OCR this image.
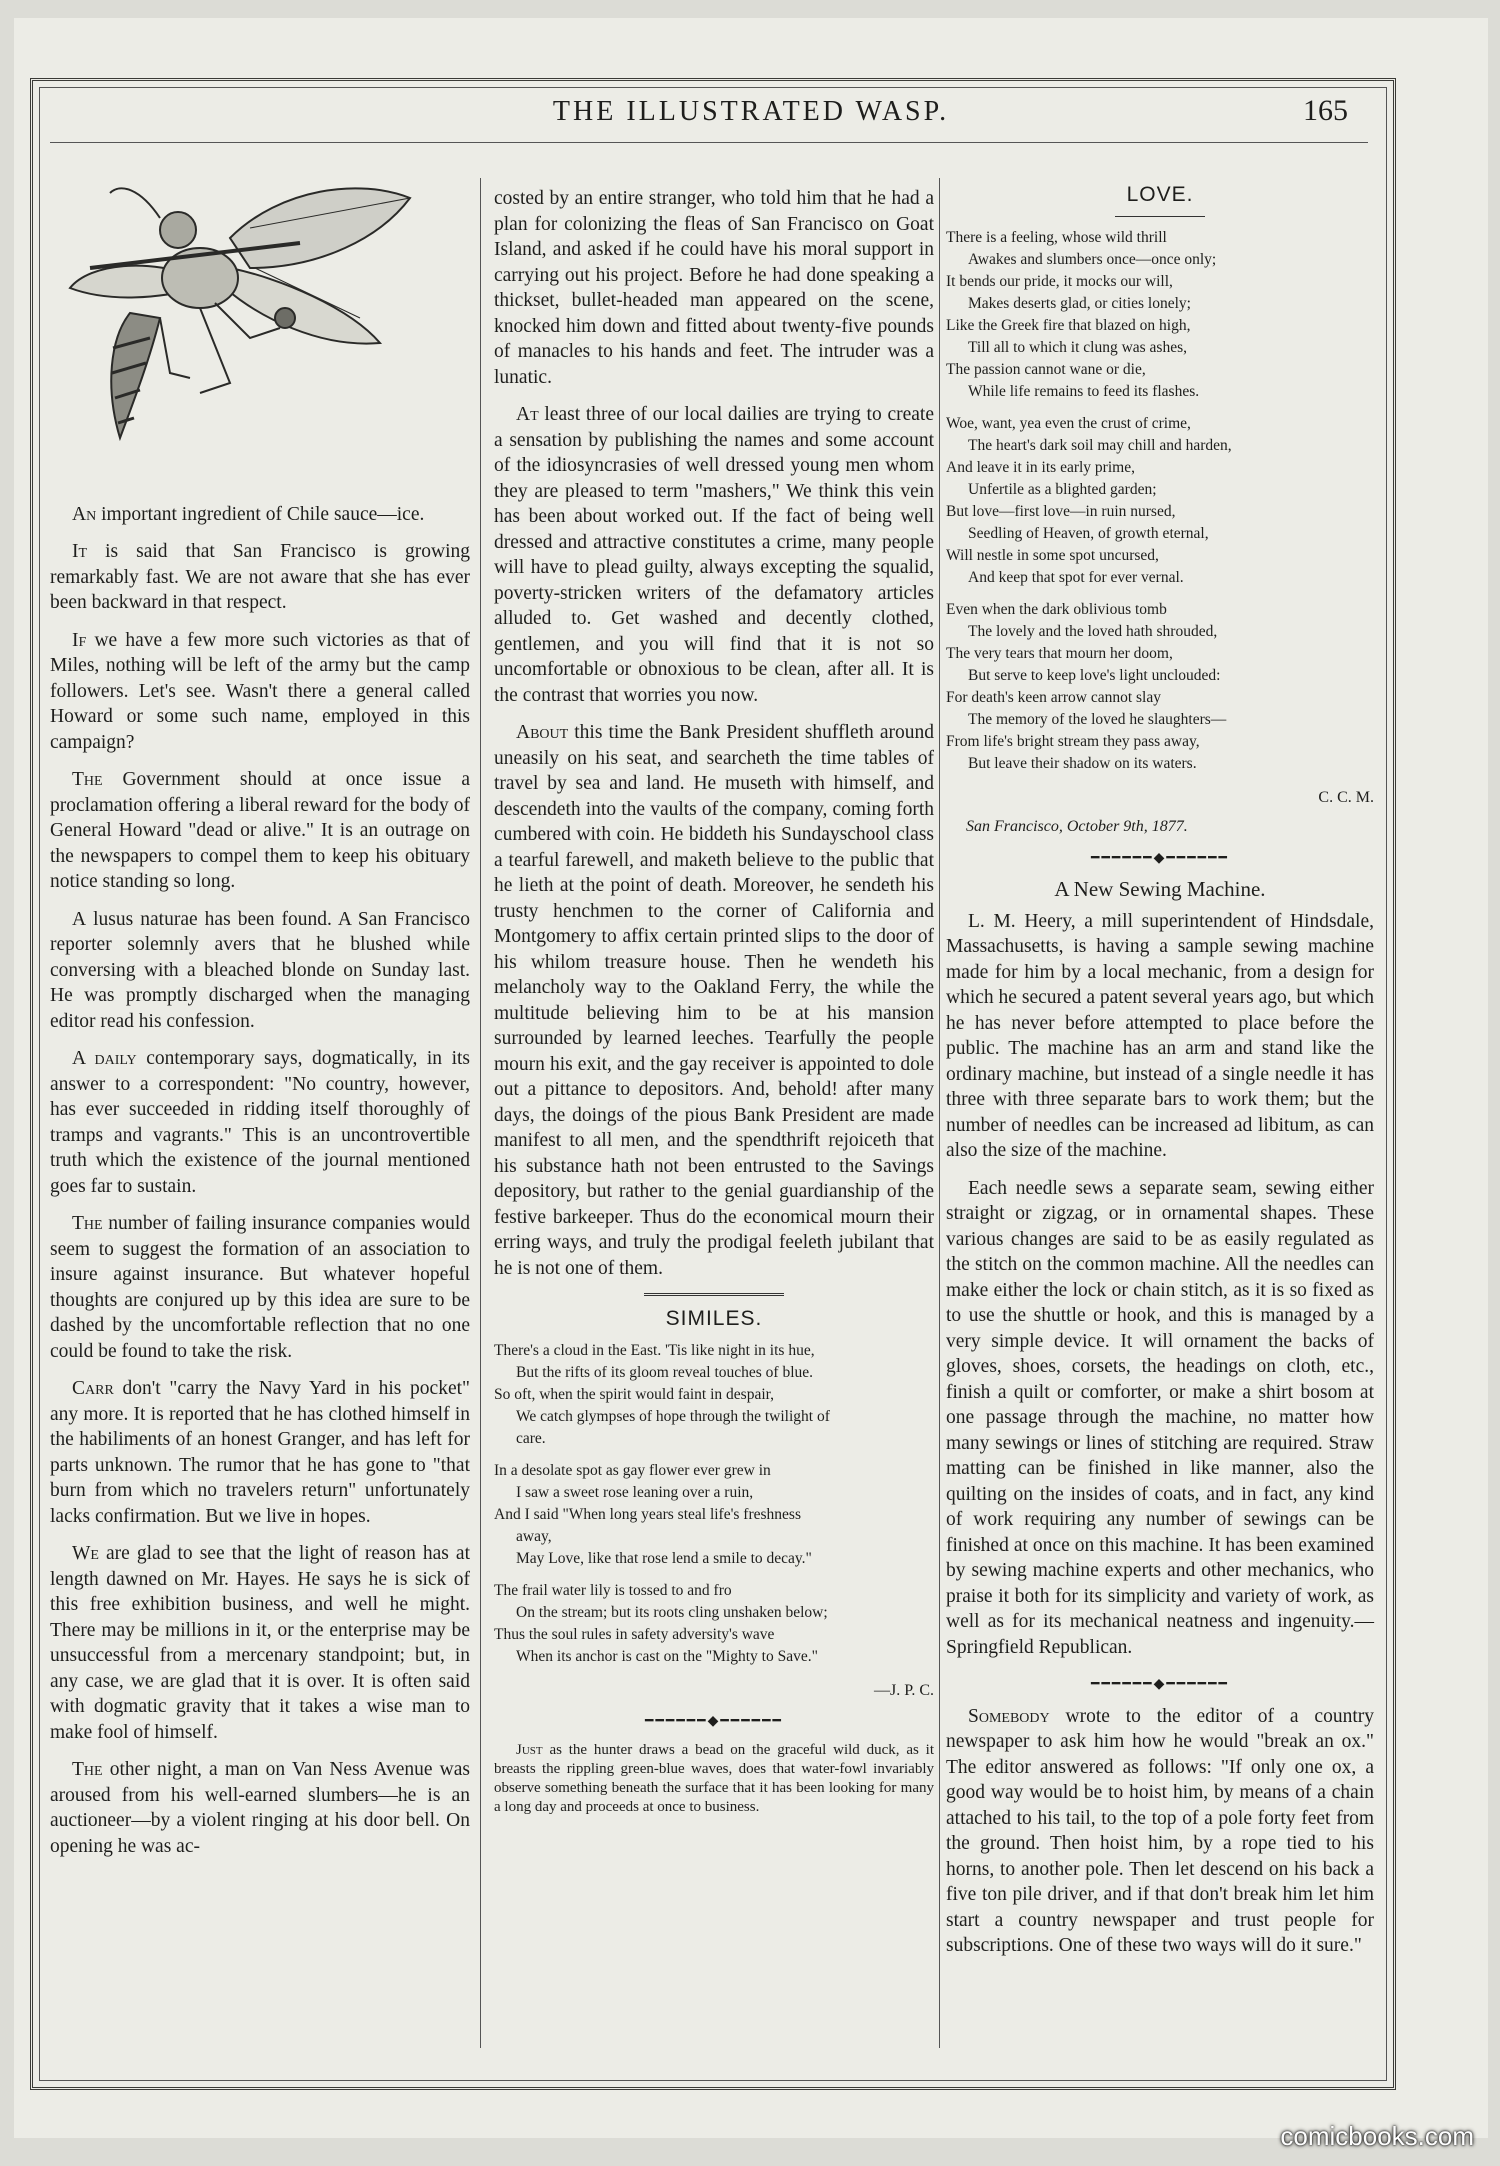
THE ILLUSTRATED WASP.	165

An important ingredient of Chile sauce—ice.

It is said that San Francisco is growing remarkably fast. We are not aware that she has ever been backward in that respect.

If we have a few more such victories as that of Miles, nothing will be left of the army but the camp followers. Let's see. Wasn't there a general called Howard or some such name, employed in this campaign?

The Government should at once issue a proclamation offering a liberal reward for the body of General Howard "dead or alive." It is an outrage on the newspapers to compel them to keep his obituary notice standing so long.

A lusus naturae has been found. A San Francisco reporter solemnly avers that he blushed while conversing with a bleached blonde on Sunday last. He was promptly discharged when the managing editor read his confession.

A daily contemporary says, dogmatically, in its answer to a correspondent: "No country, however, has ever succeeded in ridding itself thoroughly of tramps and vagrants." This is an uncontrovertible truth which the existence of the journal mentioned goes far to sustain.

The number of failing insurance companies would seem to suggest the formation of an association to insure against insurance. But whatever hopeful thoughts are conjured up by this idea are sure to be dashed by the uncomfortable reflection that no one could be found to take the risk.

Carr don't "carry the Navy Yard in his pocket" any more. It is reported that he has clothed himself in the habiliments of an honest Granger, and has left for parts unknown. The rumor that he has gone to "that burn from which no travelers return" unfortunately lacks confirmation. But we live in hopes.

We are glad to see that the light of reason has at length dawned on Mr. Hayes. He says he is sick of this free exhibition business, and well he might. There may be millions in it, or the enterprise may be unsuccessful from a mercenary standpoint; but, in any case, we are glad that it is over. It is often said with dogmatic gravity that it takes a wise man to make fool of himself.

The other night, a man on Van Ness Avenue was aroused from his well-earned slumbers—he is an auctioneer—by a violent ringing at his door bell. On opening he was ac-

costed by an entire stranger, who told him that he had a plan for colonizing the fleas of San Francisco on Goat Island, and asked if he could have his moral support in carrying out his project. Before he had done speaking a thickset, bullet-headed man appeared on the scene, knocked him down and fitted about twenty-five pounds of manacles to his hands and feet. The intruder was a lunatic.

At least three of our local dailies are trying to create a sensation by publishing the names and some account of the idiosyncrasies of well dressed young men whom they are pleased to term "mashers," We think this vein has been about worked out. If the fact of being well dressed and attractive constitutes a crime, many people will have to plead guilty, always excepting the squalid, poverty-stricken writers of the defamatory articles alluded to. Get washed and decently clothed, gentlemen, and you will find that it is not so uncomfortable or obnoxious to be clean, after all. It is the contrast that worries you now.

About this time the Bank President shuffleth around uneasily on his seat, and searcheth the time tables of travel by sea and land. He museth with himself, and descendeth into the vaults of the company, coming forth cumbered with coin. He biddeth his Sundayschool class a tearful farewell, and maketh believe to the public that he lieth at the point of death. Moreover, he sendeth his trusty henchmen to the corner of California and Montgomery to affix certain printed slips to the door of his whilom treasure house. Then he wendeth his melancholy way to the Oakland Ferry, the while the multitude believing him to be at his mansion surrounded by learned leeches. Tearfully the people mourn his exit, and the gay receiver is appointed to dole out a pittance to depositors. And, behold! after many days, the doings of the pious Bank President are made manifest to all men, and the spendthrift rejoiceth that his substance hath not been entrusted to the Savings depository, but rather to the genial guardianship of the festive barkeeper. Thus do the economical mourn their erring ways, and truly the prodigal feeleth jubilant that he is not one of them.

SIMILES.
There's a cloud in the East. 'Tis like night in its hue,
But the rifts of its gloom reveal touches of blue.
So oft, when the spirit would faint in despair,
We catch glympses of hope through the twilight of
care.
In a desolate spot as gay flower ever grew in
I saw a sweet rose leaning over a ruin,
And I said "When long years steal life's freshness
away,
May Love, like that rose lend a smile to decay."
The frail water lily is tossed to and fro
On the stream; but its roots cling unshaken below;
Thus the soul rules in safety adversity's wave
When its anchor is cast on the "Mighty to Save."
—J. P. C.
━━━━━━◆━━━━━━

Just as the hunter draws a bead on the graceful wild duck, as it breasts the rippling green-blue waves, does that water-fowl invariably observe something beneath the surface that it has been looking for many a long day and proceeds at once to business.

LOVE.
There is a feeling, whose wild thrill
Awakes and slumbers once—once only;
It bends our pride, it mocks our will,
Makes deserts glad, or cities lonely;
Like the Greek fire that blazed on high,
Till all to which it clung was ashes,
The passion cannot wane or die,
While life remains to feed its flashes.
Woe, want, yea even the crust of crime,
The heart's dark soil may chill and harden,
And leave it in its early prime,
Unfertile as a blighted garden;
But love—first love—in ruin nursed,
Seedling of Heaven, of growth eternal,
Will nestle in some spot uncursed,
And keep that spot for ever vernal.
Even when the dark oblivious tomb
The lovely and the loved hath shrouded,
The very tears that mourn her doom,
But serve to keep love's light unclouded:
For death's keen arrow cannot slay
The memory of the loved he slaughters—
From life's bright stream they pass away,
But leave their shadow on its waters.
C. C. M.
San Francisco, October 9th, 1877.
━━━━━━◆━━━━━━
A New Sewing Machine.

L. M. Heery, a mill superintendent of Hindsdale, Massachusetts, is having a sample sewing machine made for him by a local mechanic, from a design for which he secured a patent several years ago, but which he has never before attempted to place before the public. The machine has an arm and stand like the ordinary machine, but instead of a single needle it has three with three separate bars to work them; but the number of needles can be increased ad libitum, as can also the size of the machine.

Each needle sews a separate seam, sewing either straight or zigzag, or in ornamental shapes. These various changes are said to be as easily regulated as the stitch on the common machine. All the needles can make either the lock or chain stitch, as it is so fixed as to use the shuttle or hook, and this is managed by a very simple device. It will ornament the backs of gloves, shoes, corsets, the headings on cloth, etc., finish a quilt or comforter, or make a shirt bosom at one passage through the machine, no matter how many sewings or lines of stitching are required. Straw matting can be finished in like manner, also the quilting on the insides of coats, and in fact, any kind of work requiring any number of sewings can be finished at once on this machine. It has been examined by sewing machine experts and other mechanics, who praise it both for its simplicity and variety of work, as well as for its mechanical neatness and ingenuity.—Springfield Republican.

━━━━━━◆━━━━━━

Somebody wrote to the editor of a country newspaper to ask him how he would "break an ox." The editor answered as follows: "If only one ox, a good way would be to hoist him, by means of a chain attached to his tail, to the top of a pole forty feet from the ground. Then hoist him, by a rope tied to his horns, to another pole. Then let descend on his back a five ton pile driver, and if that don't break him let him start a country newspaper and trust people for subscriptions. One of these two ways will do it sure."

comicbooks.com
